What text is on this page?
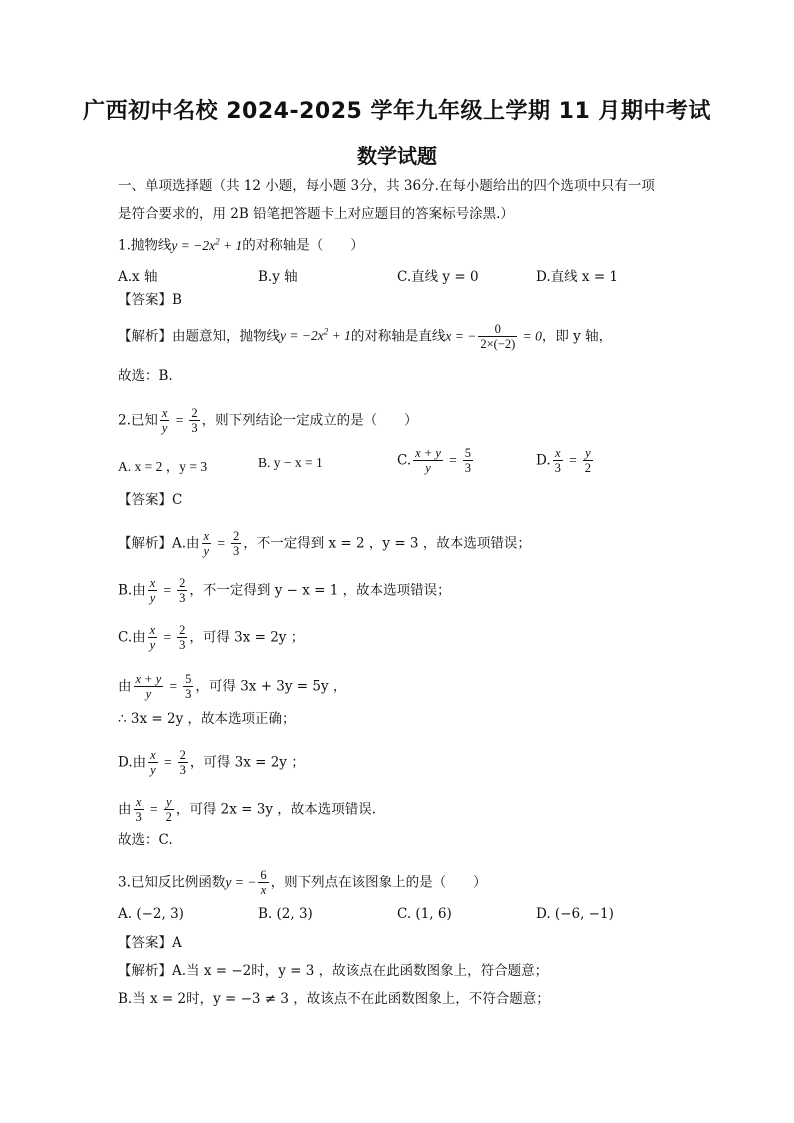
广西初中名校 2024-2025 学年九年级上学期 11 月期中考试
数学试题
一、单项选择题（共 12 小题，每小题 3分，共 36分.在每小题给出的四个选项中只有一项
是符合要求的，用 2B 铅笔把答题卡上对应题目的答案标号涂黑.）
1.抛物线$y = -2x^2 + 1$的对称轴是（　　）
A.x 轴	B.y 轴	C.直线 y = 0	D.直线 x = 1
【答案】B
【解析】由题意知，抛物线$y = -2x^2 + 1$的对称轴是直线x = − $\frac{0}{2\times(-2)} = 0$，即 y 轴，
故选：B.
2.已知 $\frac{x}{y} = \frac{2}{3}$ ，则下列结论一定成立的是（　　）
A. x = 2 ，y = 3	B. y − x = 1	C. $\frac{x + y}{y} = \frac{5}{3}$	D. $\frac{x}{3} = \frac{y}{2}$
【答案】C
【解析】A.由 $\frac{x}{y} = \frac{2}{3}$ ，不一定得到 x = 2 ，y = 3 ，故本选项错误；
B.由 $\frac{x}{y} = \frac{2}{3}$ ，不一定得到 y − x = 1 ，故本选项错误；
C.由 $\frac{x}{y} = \frac{2}{3}$ ，可得 3x = 2y ；
由 $\frac{x + y}{y} = \frac{5}{3}$ ，可得 3x + 3y = 5y ，
∴ 3x = 2y ，故本选项正确；
D.由 $\frac{x}{y} = \frac{2}{3}$ ，可得 3x = 2y ；
由 $\frac{x}{3} = \frac{y}{2}$ ，可得 2x = 3y ，故本选项错误.
故选：C.
3.已知反比例函数y = − $\frac{6}{x}$ ，则下列点在该图象上的是（　　）
A. (−2, 3)	B. (2, 3)	C. (1, 6)	D. (−6, −1)
【答案】A
【解析】A.当 x = −2时，y = 3 ，故该点在此函数图象上，符合题意；
B.当 x = 2时，y = −3 ≠ 3 ，故该点不在此函数图象上，不符合题意；
